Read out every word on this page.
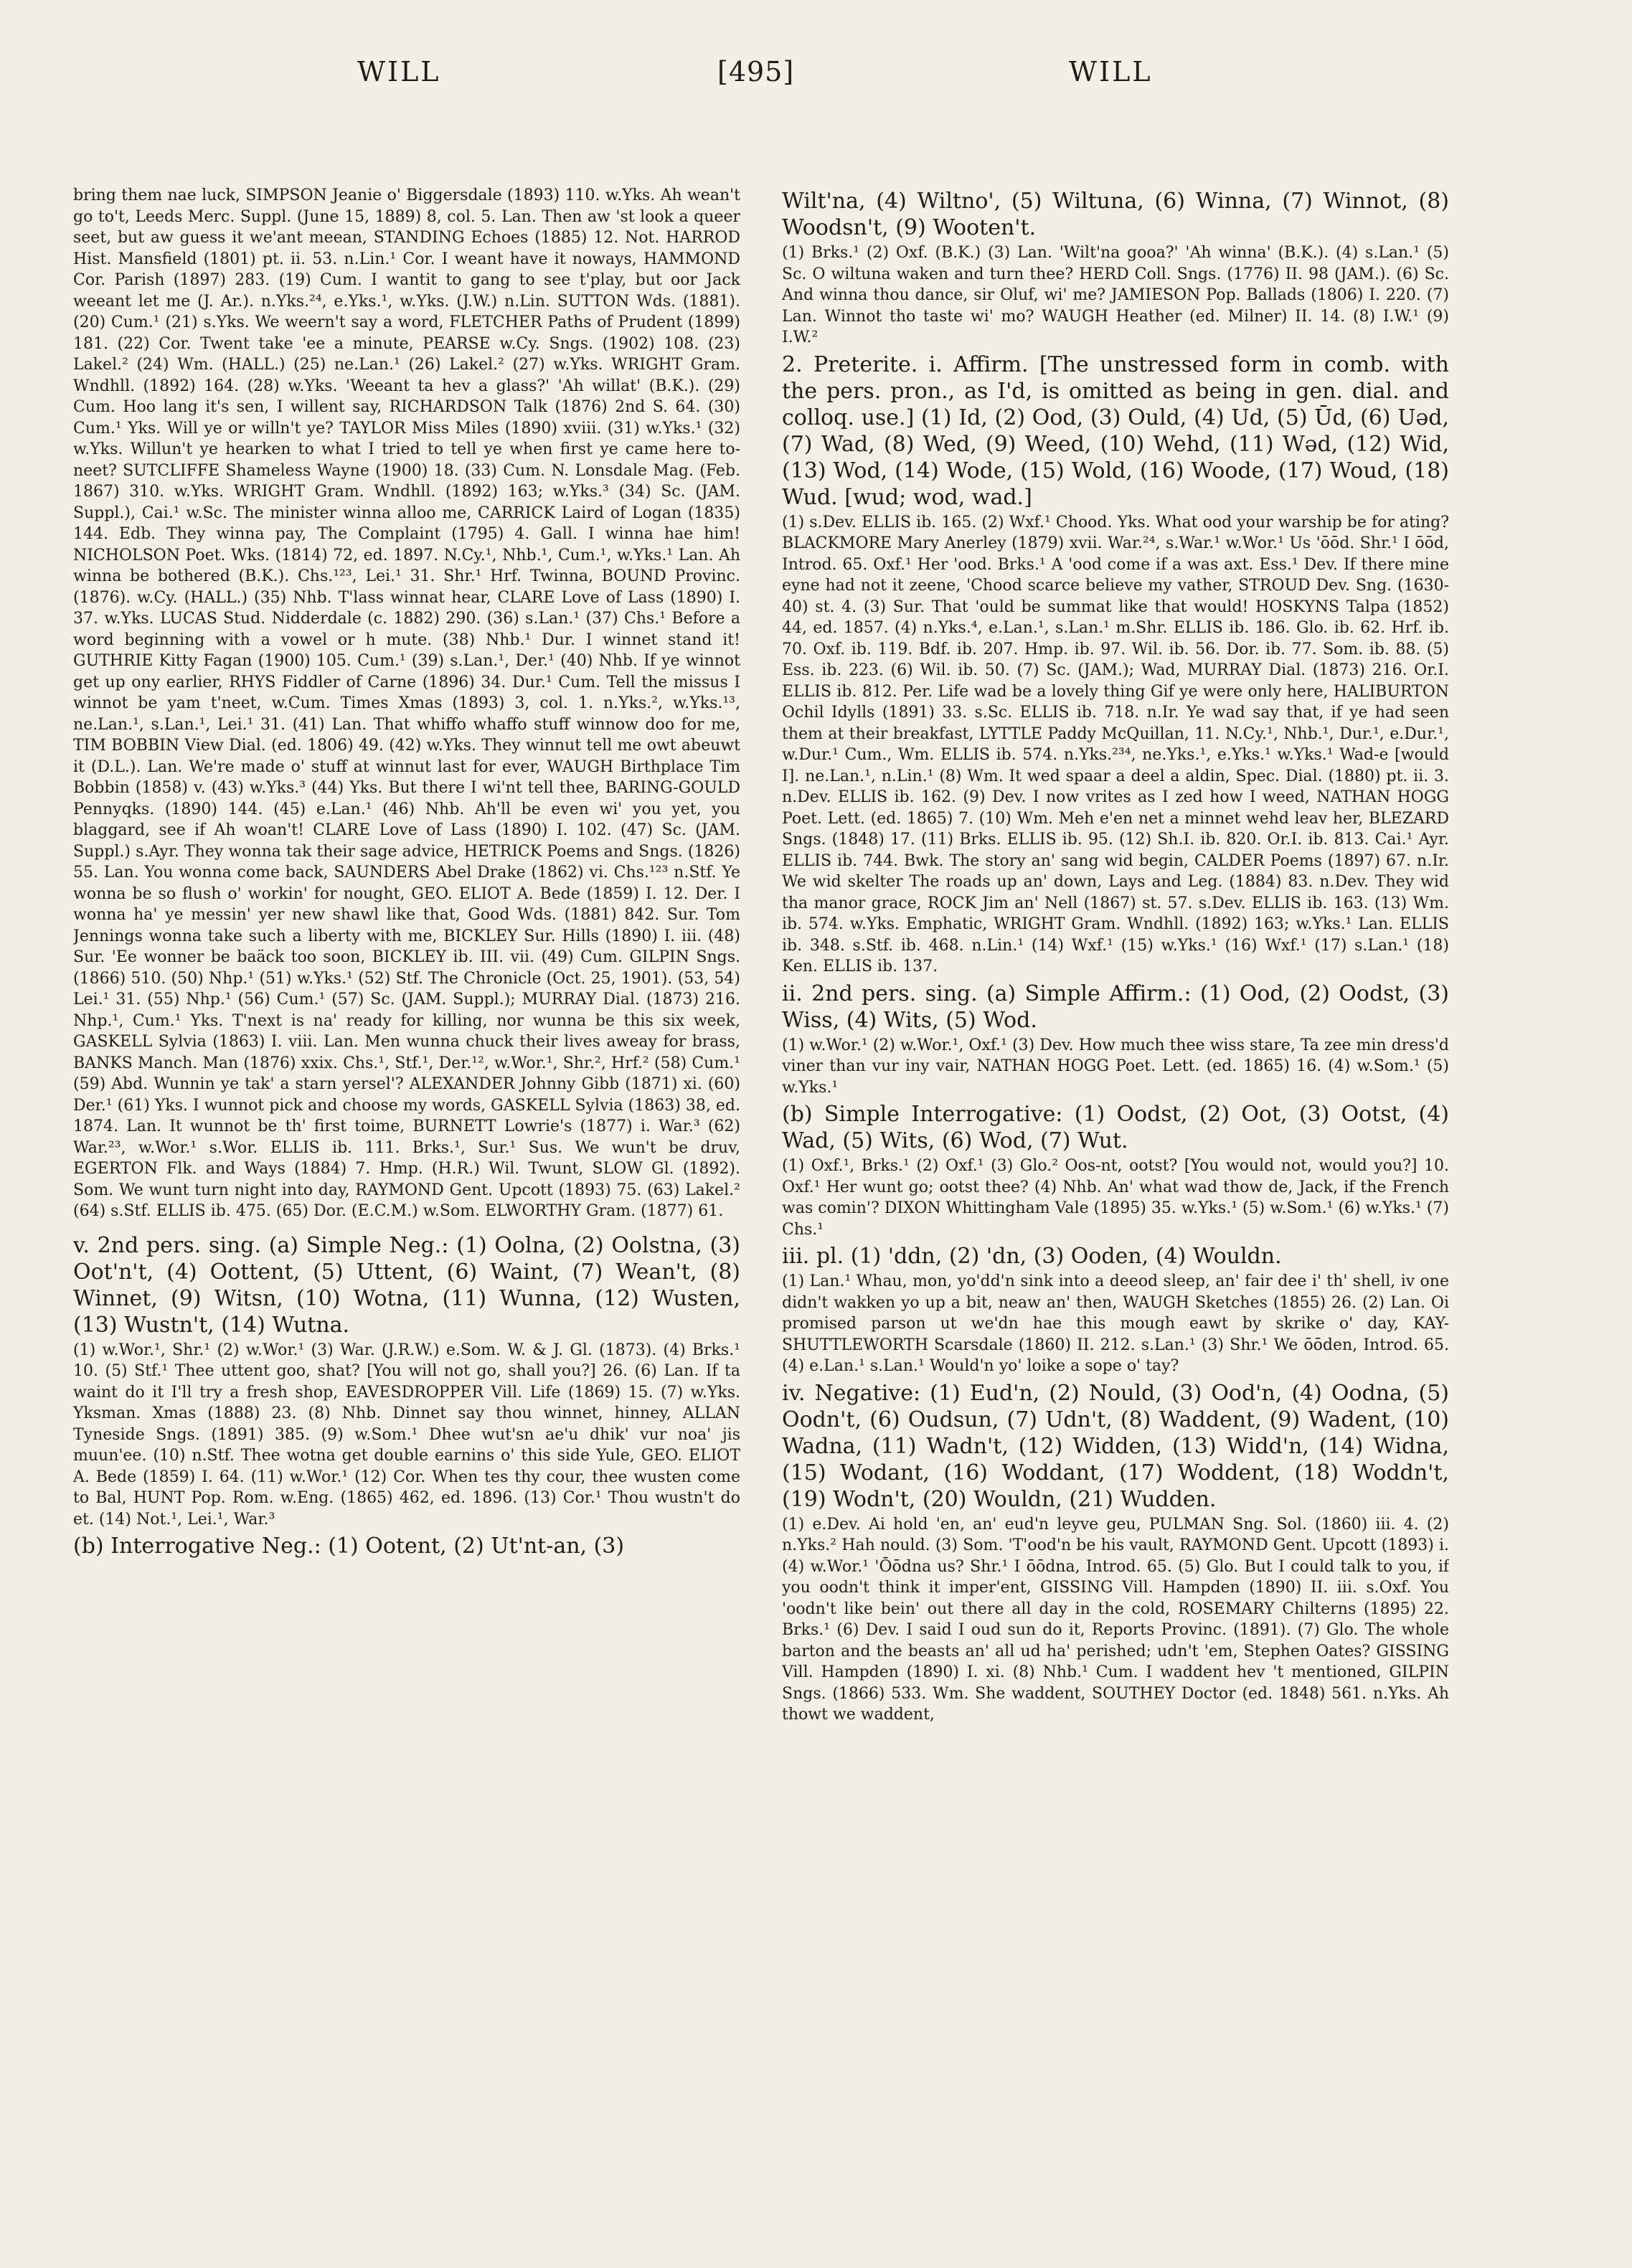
WILL	[495]	WILL

bring them nae luck, SIMPSON Jeanie o' Biggersdale (1893) 110. w.Yks. Ah wean't go to't, Leeds Merc. Suppl. (June 15, 1889) 8, col. 5. Lan. Then aw 'st look a queer seet, but aw guess it we'ant meean, STANDING Echoes (1885) 12. Not. HARROD Hist. Mansfield (1801) pt. ii. 53. n.Lin.¹ Cor. I weant have it noways, HAMMOND Cor. Parish (1897) 283. (19) Cum. I wantit to gang to see t'play, but oor Jack weeant let me (J. Ar.). n.Yks.²⁴, e.Yks.¹, w.Yks. (J.W.) n.Lin. SUTTON Wds. (1881). (20) Cum.¹ (21) s.Yks. We weern't say a word, FLETCHER Paths of Prudent (1899) 181. (22) Cor. Twent take 'ee a minute, PEARSE w.Cy. Sngs. (1902) 108. (23) Lakel.² (24) Wm. (HALL.) (25) ne.Lan.¹ (26) Lakel.² (27) w.Yks. WRIGHT Gram. Wndhll. (1892) 164. (28) w.Yks. 'Weeant ta hev a glass?' 'Ah willat' (B.K.). (29) Cum. Hoo lang it's sen, I willent say, RICHARDSON Talk (1876) 2nd S. 64. (30) Cum.¹ Yks. Will ye or willn't ye? TAYLOR Miss Miles (1890) xviii. (31) w.Yks.¹ (32) w.Yks. Willun't ye hearken to what I tried to tell ye when first ye came here to-neet? SUTCLIFFE Shameless Wayne (1900) 18. (33) Cum. N. Lonsdale Mag. (Feb. 1867) 310. w.Yks. WRIGHT Gram. Wndhll. (1892) 163; w.Yks.³ (34) Sc. (JAM. Suppl.), Cai.¹ w.Sc. The minister winna alloo me, CARRICK Laird of Logan (1835) 144. Edb. They winna pay, The Complaint (1795) 4. Gall. I winna hae him! NICHOLSON Poet. Wks. (1814) 72, ed. 1897. N.Cy.¹, Nhb.¹, Cum.¹, w.Yks.¹ Lan. Ah winna be bothered (B.K.). Chs.¹²³, Lei.¹ 31. Shr.¹ Hrf. Twinna, BOUND Provinc. (1876). w.Cy. (HALL.) (35) Nhb. T'lass winnat hear, CLARE Love of Lass (1890) I. 37. w.Yks. LUCAS Stud. Nidderdale (c. 1882) 290. (36) s.Lan.¹ (37) Chs.¹ Before a word beginning with a vowel or h mute. (38) Nhb.¹ Dur. I winnet stand it! GUTHRIE Kitty Fagan (1900) 105. Cum.¹ (39) s.Lan.¹, Der.¹ (40) Nhb. If ye winnot get up ony earlier, RHYS Fiddler of Carne (1896) 34. Dur.¹ Cum. Tell the missus I winnot be yam t'neet, w.Cum. Times Xmas (1893) 3, col. 1. n.Yks.², w.Yks.¹³, ne.Lan.¹, s.Lan.¹, Lei.¹ 31. (41) Lan. That whiffo whaffo stuff winnow doo for me, TIM BOBBIN View Dial. (ed. 1806) 49. (42) w.Yks. They winnut tell me owt abeuwt it (D.L.). Lan. We're made o' stuff at winnut last for ever, WAUGH Birthplace Tim Bobbin (1858) v. (43) w.Yks.³ (44) Yks. But there I wi'nt tell thee, BARING-GOULD Pennyqks. (1890) 144. (45) e.Lan.¹ (46) Nhb. Ah'll be even wi' you yet, you blaggard, see if Ah woan't! CLARE Love of Lass (1890) I. 102. (47) Sc. (JAM. Suppl.) s.Ayr. They wonna tak their sage advice, HETRICK Poems and Sngs. (1826) 55. Lan. You wonna come back, SAUNDERS Abel Drake (1862) vi. Chs.¹²³ n.Stf. Ye wonna be so flush o' workin' for nought, GEO. ELIOT A. Bede (1859) I. 12. Der. I wonna ha' ye messin' yer new shawl like that, Good Wds. (1881) 842. Sur. Tom Jennings wonna take such a liberty with me, BICKLEY Sur. Hills (1890) I. iii. (48) Sur. 'Ee wonner be baäck too soon, BICKLEY ib. III. vii. (49) Cum. GILPIN Sngs. (1866) 510. (50) Nhp.¹ (51) w.Yks.¹ (52) Stf. The Chronicle (Oct. 25, 1901). (53, 54) Lei.¹ 31. (55) Nhp.¹ (56) Cum.¹ (57) Sc. (JAM. Suppl.); MURRAY Dial. (1873) 216. Nhp.¹, Cum.¹ Yks. T'next is na' ready for killing, nor wunna be this six week, GASKELL Sylvia (1863) I. viii. Lan. Men wunna chuck their lives aweay for brass, BANKS Manch. Man (1876) xxix. Chs.¹, Stf.¹, Der.¹², w.Wor.¹, Shr.², Hrf.² (58) Cum.¹ (59) Abd. Wunnin ye tak' a starn yersel'? ALEXANDER Johnny Gibb (1871) xi. (60) Der.¹ (61) Yks. I wunnot pick and choose my words, GASKELL Sylvia (1863) 38, ed. 1874. Lan. It wunnot be th' first toime, BURNETT Lowrie's (1877) i. War.³ (62) War.²³, w.Wor.¹ s.Wor. ELLIS ib. 111. Brks.¹, Sur.¹ Sus. We wun't be druv, EGERTON Flk. and Ways (1884) 7. Hmp. (H.R.) Wil. Twunt, SLOW Gl. (1892). Som. We wunt turn night into day, RAYMOND Gent. Upcott (1893) 75. (63) Lakel.² (64) s.Stf. ELLIS ib. 475. (65) Dor. (E.C.M.) w.Som. ELWORTHY Gram. (1877) 61.

v. 2nd pers. sing. (a) Simple Neg.: (1) Oolna, (2) Oolstna, (3) Oot'n't, (4) Oottent, (5) Uttent, (6) Waint, (7) Wean't, (8) Winnet, (9) Witsn, (10) Wotna, (11) Wunna, (12) Wusten, (13) Wustn't, (14) Wutna.

(1) w.Wor.¹, Shr.¹ (2) w.Wor.¹ (3) War. (J.R.W.) e.Som. W. & J. Gl. (1873). (4) Brks.¹ 10. (5) Stf.¹ Thee uttent goo, shat? [You will not go, shall you?] 26. (6) Lan. If ta waint do it I'll try a fresh shop, EAVESDROPPER Vill. Life (1869) 15. (7) w.Yks. Yksman. Xmas (1888) 23. (8) Nhb. Dinnet say thou winnet, hinney, ALLAN Tyneside Sngs. (1891) 385. (9) w.Som.¹ Dhee wut'sn ae'u dhik' vur noa' jis muun'ee. (10) n.Stf. Thee wotna get double earnins o' this side Yule, GEO. ELIOT A. Bede (1859) I. 64. (11) w.Wor.¹ (12) Cor. When tes thy cour, thee wusten come to Bal, HUNT Pop. Rom. w.Eng. (1865) 462, ed. 1896. (13) Cor.¹ Thou wustn't do et. (14) Not.¹, Lei.¹, War.³

(b) Interrogative Neg.: (1) Ootent, (2) Ut'nt-an, (3)

Wilt'na, (4) Wiltno', (5) Wiltuna, (6) Winna, (7) Winnot, (8) Woodsn't, (9) Wooten't.

(1) Brks.¹ (2) Oxf. (B.K.) (3) Lan. 'Wilt'na gooa?' 'Ah winna' (B.K.). (4) s.Lan.¹ (5) Sc. O wiltuna waken and turn thee? HERD Coll. Sngs. (1776) II. 98 (JAM.). (6) Sc. And winna thou dance, sir Oluf, wi' me? JAMIESON Pop. Ballads (1806) I. 220. (7) Lan. Winnot tho taste wi' mo? WAUGH Heather (ed. Milner) II. 14. (8) I.W.¹ (9) I.W.²

2. Preterite. i. Affirm. [The unstressed form in comb. with the pers. pron., as I'd, is omitted as being in gen. dial. and colloq. use.] (1) Id, (2) Ood, (3) Ould, (4) Ud, (5) Ūd, (6) Uəd, (7) Wad, (8) Wed, (9) Weed, (10) Wehd, (11) Wəd, (12) Wid, (13) Wod, (14) Wode, (15) Wold, (16) Woode, (17) Woud, (18) Wud. [wud; wod, wad.]

(1) s.Dev. ELLIS ib. 165. (2) Wxf.¹ Chood. Yks. What ood your warship be for ating? BLACKMORE Mary Anerley (1879) xvii. War.²⁴, s.War.¹ w.Wor.¹ Us 'ōōd. Shr.¹ I ōōd, Introd. 65. Oxf.¹ Her 'ood. Brks.¹ A 'ood come if a was axt. Ess.¹ Dev. If there mine eyne had not it zeene, 'Chood scarce believe my vather, STROUD Dev. Sng. (1630-40) st. 4. (3) Sur. That 'ould be summat like that would! HOSKYNS Talpa (1852) 44, ed. 1857. (4) n.Yks.⁴, e.Lan.¹, s.Lan.¹ m.Shr. ELLIS ib. 186. Glo. ib. 62. Hrf. ib. 70. Oxf. ib. 119. Bdf. ib. 207. Hmp. ib. 97. Wil. ib. 56. Dor. ib. 77. Som. ib. 88. (5) Ess. ib. 223. (6) Wil. ib. 50. (7) Sc. (JAM.); Wad, MURRAY Dial. (1873) 216. Or.I. ELLIS ib. 812. Per. Life wad be a lovely thing Gif ye were only here, HALIBURTON Ochil Idylls (1891) 33. s.Sc. ELLIS ib. 718. n.Ir. Ye wad say that, if ye had seen them at their breakfast, LYTTLE Paddy McQuillan, 11. N.Cy.¹, Nhb.¹, Dur.¹, e.Dur.¹, w.Dur.¹ Cum., Wm. ELLIS ib. 574. n.Yks.²³⁴, ne.Yks.¹, e.Yks.¹ w.Yks.¹ Wad-e [would I]. ne.Lan.¹, n.Lin.¹ (8) Wm. It wed spaar a deel a aldin, Spec. Dial. (1880) pt. ii. 3. n.Dev. ELLIS ib. 162. (9) Dev. I now vrites as I zed how I weed, NATHAN HOGG Poet. Lett. (ed. 1865) 7. (10) Wm. Meh e'en net a minnet wehd leav her, BLEZARD Sngs. (1848) 17. (11) Brks. ELLIS ib. 95. (12) Sh.I. ib. 820. Or.I. ib. 813. Cai.¹ Ayr. ELLIS ib. 744. Bwk. The story an' sang wid begin, CALDER Poems (1897) 67. n.Ir. We wid skelter The roads up an' down, Lays and Leg. (1884) 83. n.Dev. They wid tha manor grace, ROCK Jim an' Nell (1867) st. 57. s.Dev. ELLIS ib. 163. (13) Wm. ib. 574. w.Yks. Emphatic, WRIGHT Gram. Wndhll. (1892) 163; w.Yks.¹ Lan. ELLIS ib. 348. s.Stf. ib. 468. n.Lin.¹ (14) Wxf.¹ (15) w.Yks.¹ (16) Wxf.¹ (17) s.Lan.¹ (18) Ken. ELLIS ib. 137.

ii. 2nd pers. sing. (a) Simple Affirm.: (1) Ood, (2) Oodst, (3) Wiss, (4) Wits, (5) Wod.

(1) w.Wor.¹ (2) w.Wor.¹, Oxf.¹ (3) Dev. How much thee wiss stare, Ta zee min dress'd viner than vur iny vair, NATHAN HOGG Poet. Lett. (ed. 1865) 16. (4) w.Som.¹ (5) w.Yks.¹

(b) Simple Interrogative: (1) Oodst, (2) Oot, (3) Ootst, (4) Wad, (5) Wits, (6) Wod, (7) Wut.

(1) Oxf.¹, Brks.¹ (2) Oxf.¹ (3) Glo.² Oos-nt, ootst? [You would not, would you?] 10. Oxf.¹ Her wunt go; ootst thee? (4) Nhb. An' what wad thow de, Jack, if the French was comin'? DIXON Whittingham Vale (1895) 35. w.Yks.¹ (5) w.Som.¹ (6) w.Yks.¹ (7) Chs.¹

iii. pl. (1) 'ddn, (2) 'dn, (3) Ooden, (4) Wouldn.

(1) Lan.¹ Whau, mon, yo'dd'n sink into a deeod sleep, an' fair dee i' th' shell, iv one didn't wakken yo up a bit, neaw an' then, WAUGH Sketches (1855) 26. (2) Lan. Oi promised parson ut we'dn hae this mough eawt by skrike o' day, KAY-SHUTTLEWORTH Scarsdale (1860) II. 212. s.Lan.¹ (3) Shr.¹ We ōōden, Introd. 65. (4) e.Lan.¹ s.Lan.¹ Would'n yo' loike a sope o' tay?

iv. Negative: (1) Eud'n, (2) Nould, (3) Ood'n, (4) Oodna, (5) Oodn't, (6) Oudsun, (7) Udn't, (8) Waddent, (9) Wadent, (10) Wadna, (11) Wadn't, (12) Widden, (13) Widd'n, (14) Widna, (15) Wodant, (16) Woddant, (17) Woddent, (18) Woddn't, (19) Wodn't, (20) Wouldn, (21) Wudden.

(1) e.Dev. Ai hold 'en, an' eud'n leyve geu, PULMAN Sng. Sol. (1860) iii. 4. (2) n.Yks.² Hah nould. (3) Som. 'T'ood'n be his vault, RAYMOND Gent. Upcott (1893) i. (4) w.Wor.¹ 'Ōōdna us? Shr.¹ I ōōdna, Introd. 65. (5) Glo. But I could talk to you, if you oodn't think it imper'ent, GISSING Vill. Hampden (1890) II. iii. s.Oxf. You 'oodn't like bein' out there all day in the cold, ROSEMARY Chilterns (1895) 22. Brks.¹ (6) Dev. I said I oud sun do it, Reports Provinc. (1891). (7) Glo. The whole barton and the beasts an' all ud ha' perished; udn't 'em, Stephen Oates? GISSING Vill. Hampden (1890) I. xi. (8) Nhb.¹ Cum. I waddent hev 't mentioned, GILPIN Sngs. (1866) 533. Wm. She waddent, SOUTHEY Doctor (ed. 1848) 561. n.Yks. Ah thowt we waddent,
